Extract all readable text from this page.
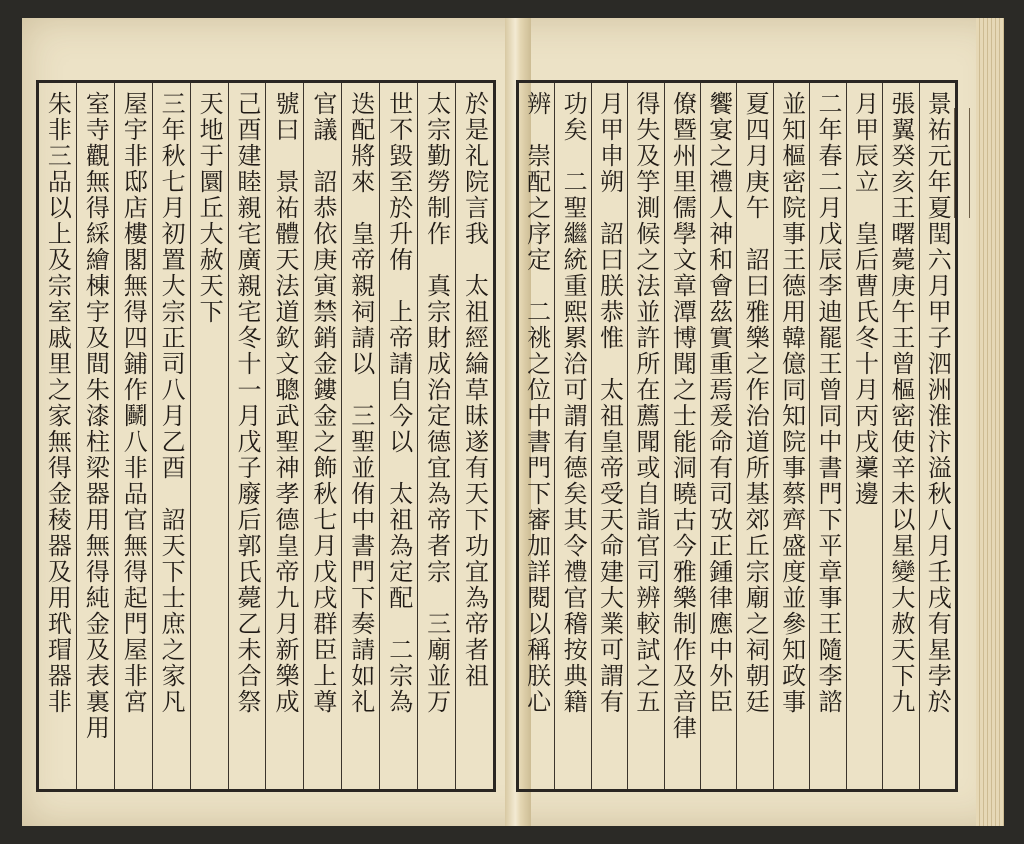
景祐元年夏閏六月甲子泗洲淮汴溢秋八月壬戌有星孛於
張翼癸亥王曙薨庚午王曾樞密使辛未以星變大赦天下九
月甲辰立　皇后曹氏冬十月丙戌䆃邊
二年春二月戊辰李迪罷王曾同中書門下平章事王隨李諮
並知樞密院事王德用韓億同知院事蔡齊盛度並參知政事
夏四月庚午　詔曰雅樂之作治道所基郊丘宗廟之祠朝廷
饗宴之禮人神和會茲實重焉爰命有司攷正鍾律應中外臣
僚暨州里儒學文章潭博聞之士能洞曉古今雅樂制作及音律
得失及竽測候之法並許所在薦聞或自詣官司辨較試之五
月甲申朔　詔曰朕恭惟　太祖皇帝受天命建大業可謂有
功矣　二聖繼統重熙累洽可謂有德矣其令禮官稽按典籍
辨　崇配之序定　二祧之位中書門下審加詳閱以稱朕心
於是礼院言我　太祖經綸草昧遂有天下功宜為帝者祖
太宗勤勞制作　真宗財成治定德宜為帝者宗　三廟並万
世不毀至於升侑　上帝請自今以　太祖為定配　二宗為
迭配將來　皇帝親祠請以　三聖並侑中書門下奏請如礼
官議　詔恭依庚寅禁銷金鏤金之飾秋七月戊戌群臣上尊
號曰　景祐體天法道欽文聰武聖神孝德皇帝九月新樂成
己酉建睦親宅廣親宅冬十一月戊子廢后郭氏薨乙未合祭
天地于圜丘大赦天下
三年秋七月初置大宗正司八月乙酉　詔天下士庶之家凡
屋宇非邸店樓閣無得四鋪作鬭八非品官無得起門屋非宮
室寺觀無得綵繪棟宇及間朱漆柱梁器用無得純金及表裏用
朱非三品以上及宗室戚里之家無得金稜器及用玳瑁器非
